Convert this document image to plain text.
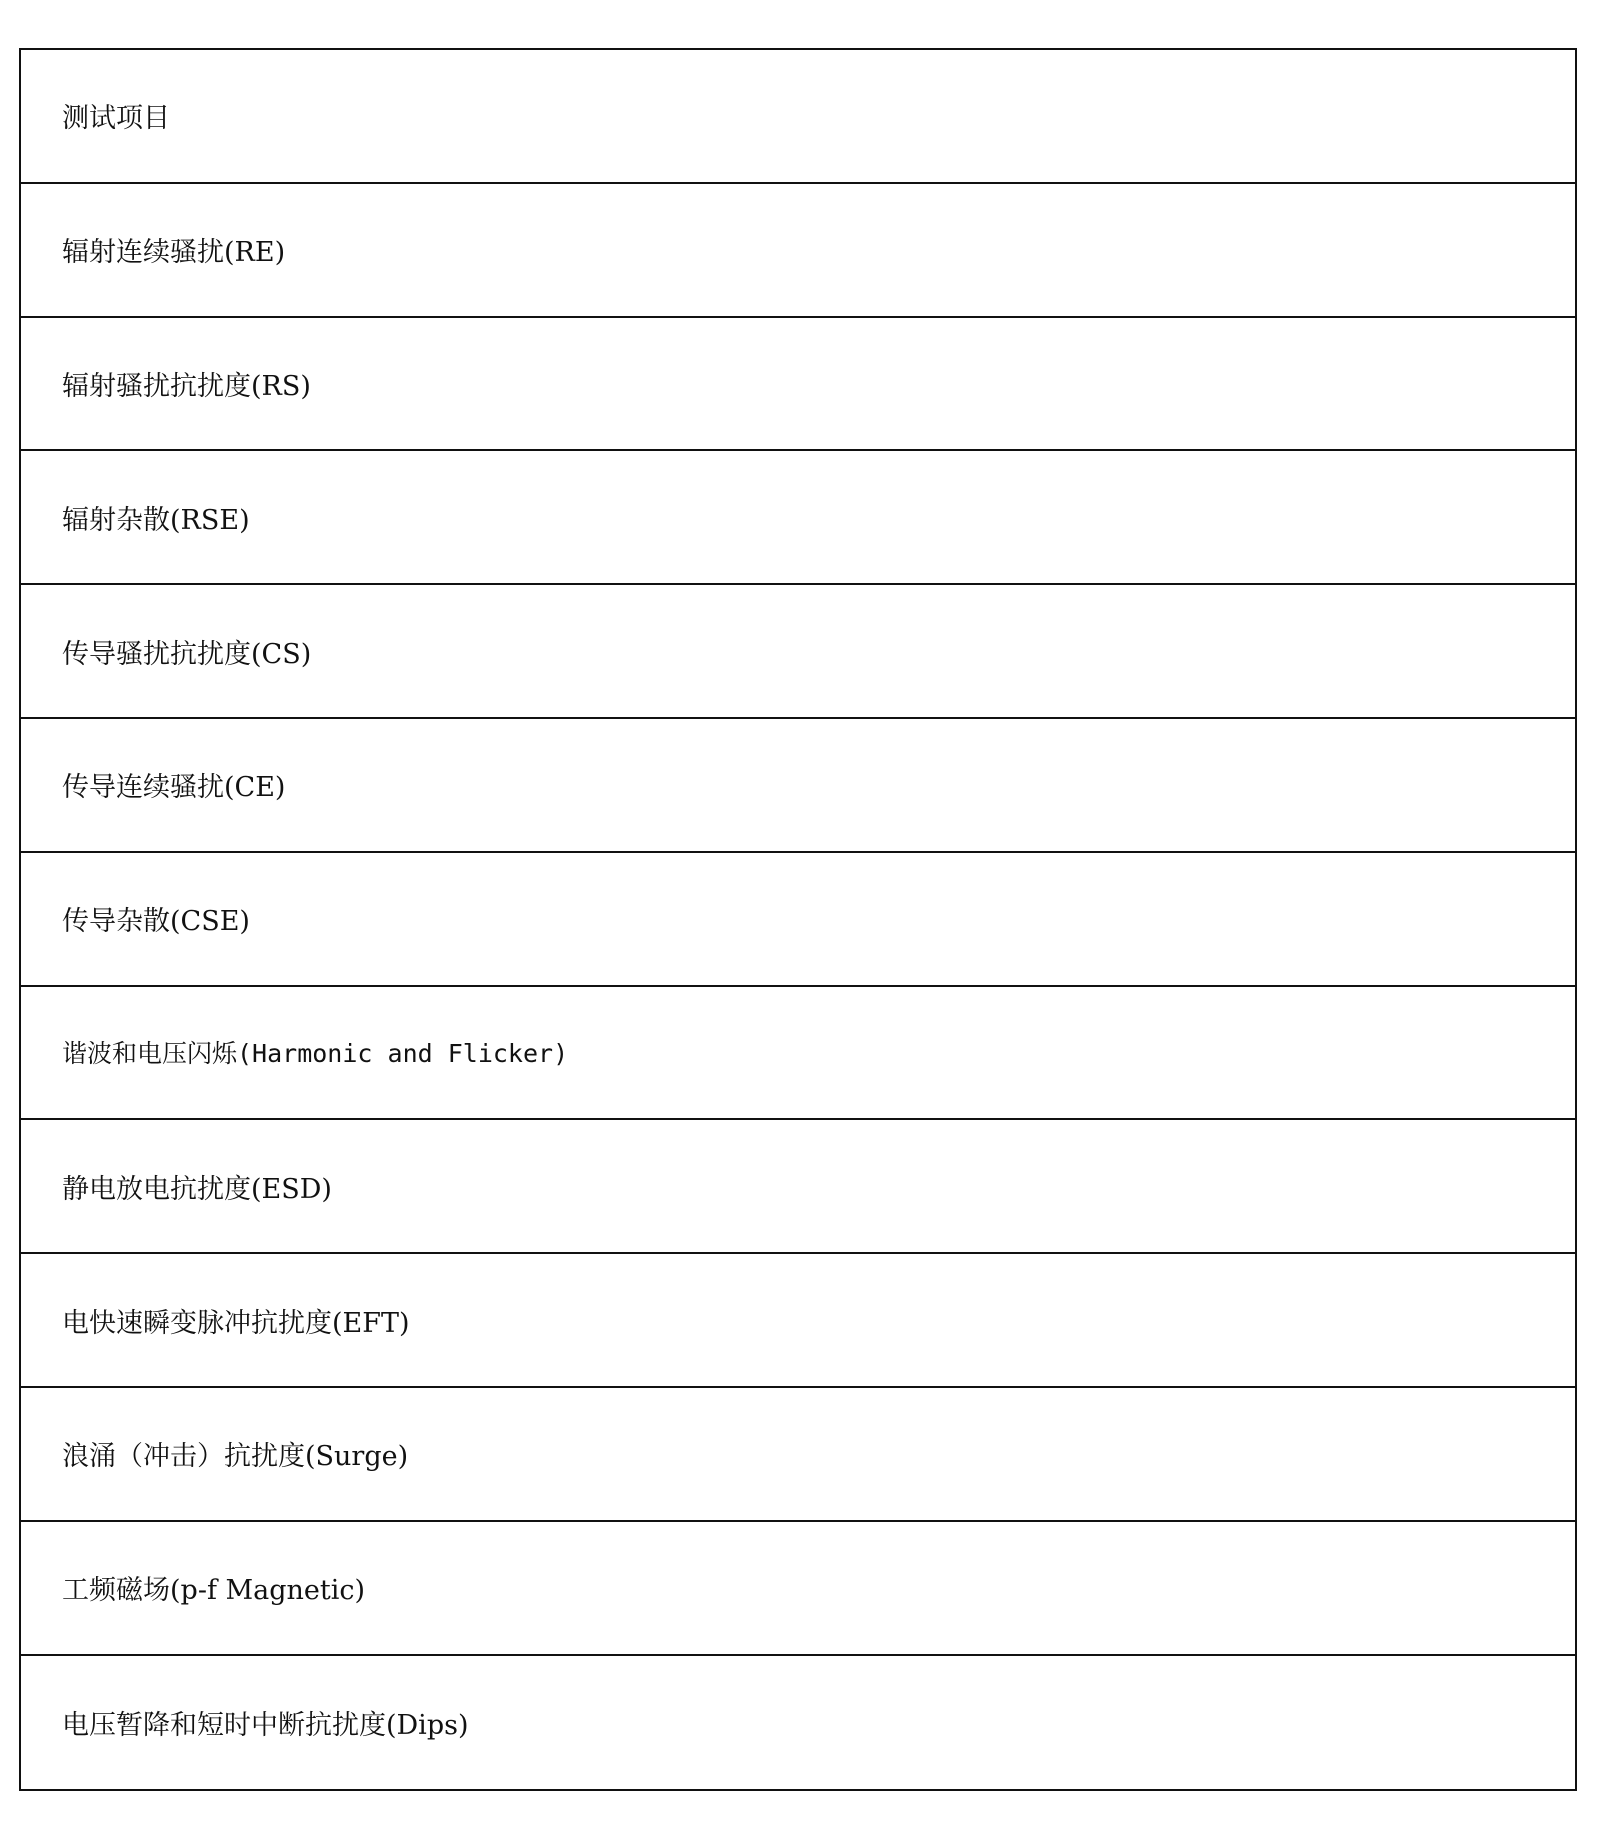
测试项目
辐射连续骚扰(RE)
辐射骚扰抗扰度(RS)
辐射杂散(RSE)
传导骚扰抗扰度(CS)
传导连续骚扰(CE)
传导杂散(CSE)
谐波和电压闪烁(Harmonic and Flicker)
静电放电抗扰度(ESD)
电快速瞬变脉冲抗扰度(EFT)
浪涌（冲击）抗扰度(Surge)
工频磁场(p-f Magnetic)
电压暂降和短时中断抗扰度(Dips)
